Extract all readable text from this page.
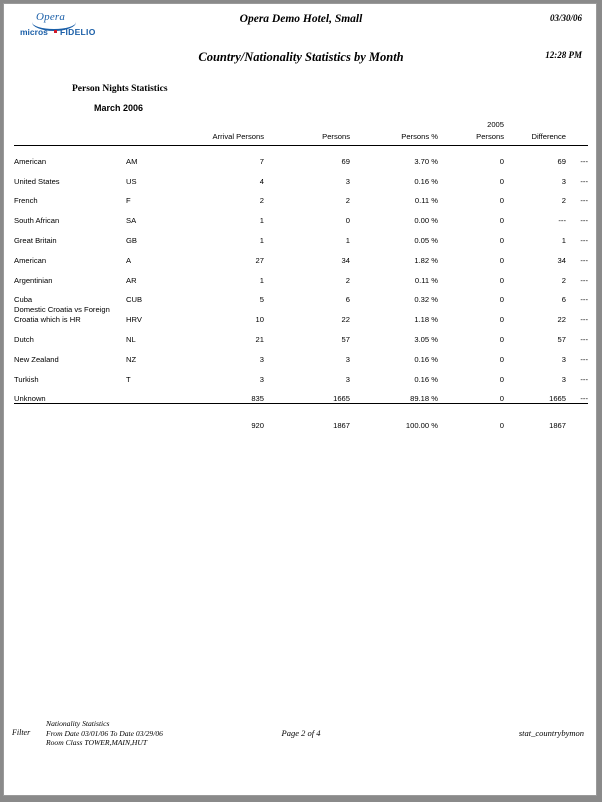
Opera
micros FIDELIO
Opera Demo Hotel, Small	03/30/06
Country/Nationality Statistics by Month	12:28 PM
Person Nights Statistics
March 2006
					2005		
		Arrival Persons	Persons	Persons %	Persons	Difference	
American	AM	7	69	3.70 %	0	69	---
United States	US	4	3	0.16 %	0	3	---
French	F	2	2	0.11 %	0	2	---
South African	SA	1	0	0.00 %	0	---	---
Great Britain	GB	1	1	0.05 %	0	1	---
American	A	27	34	1.82 %	0	34	---
Argentinian	AR	1	2	0.11 %	0	2	---
Cuba	CUB	5	6	0.32 %	0	6	---
Domestic Croatia vs Foreign Croatia which is HR	HRV	10	22	1.18 %	0	22	---
Dutch	NL	21	57	3.05 %	0	57	---
New Zealand	NZ	3	3	0.16 %	0	3	---
Turkish	T	3	3	0.16 %	0	3	---
Unknown		835	1665	89.18 %	0	1665	---
		920	1867	100.00 %	0	1867	
Filter
Nationality Statistics
From Date 03/01/06 To Date 03/29/06
Room Class TOWER,MAIN,HUT
Page 2 of 4	stat_countrybymon
